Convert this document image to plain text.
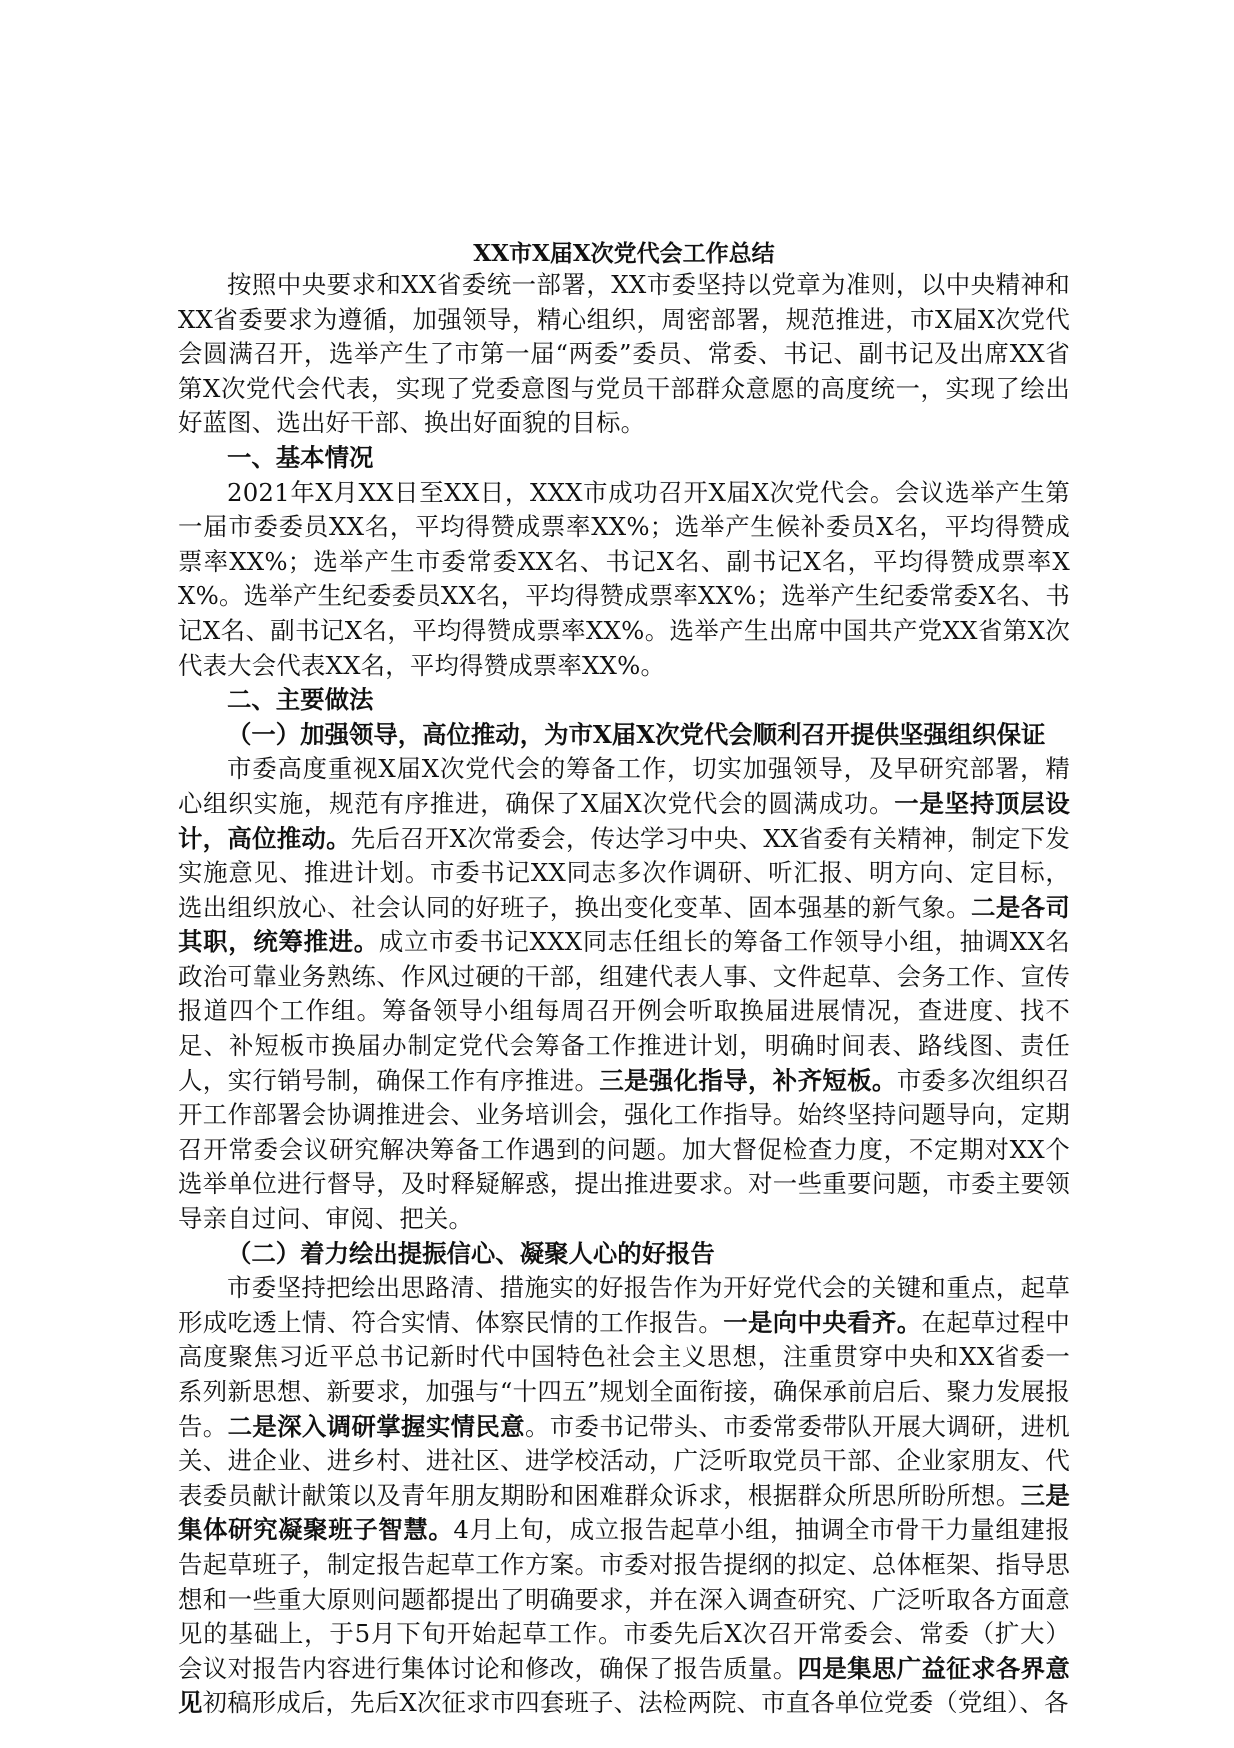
XX市X届X次党代会工作总结

按照中央要求和XX省委统一部署，XX市委坚持以党章为准则，以中央精神和XX省委要求为遵循，加强领导，精心组织，周密部署，规范推进，市X届X次党代会圆满召开，选举产生了市第一届“两委”委员、常委、书记、副书记及出席XX省第X次党代会代表，实现了党委意图与党员干部群众意愿的高度统一，实现了绘出好蓝图、选出好干部、换出好面貌的目标。

一、基本情况

2021年X月XX日至XX日，XXX市成功召开X届X次党代会。会议选举产生第一届市委委员XX名，平均得赞成票率XX%；选举产生候补委员X名，平均得赞成票率XX%；选举产生市委常委XX名、书记X名、副书记X名，平均得赞成票率XX%。选举产生纪委委员XX名，平均得赞成票率XX%；选举产生纪委常委X名、书记X名、副书记X名，平均得赞成票率XX%。选举产生出席中国共产党XX省第X次代表大会代表XX名，平均得赞成票率XX%。

二、主要做法

（一）加强领导，高位推动，为市X届X次党代会顺利召开提供坚强组织保证

市委高度重视X届X次党代会的筹备工作，切实加强领导，及早研究部署，精心组织实施，规范有序推进，确保了X届X次党代会的圆满成功。一是坚持顶层设计，高位推动。先后召开X次常委会，传达学习中央、XX省委有关精神，制定下发实施意见、推进计划。市委书记XX同志多次作调研、听汇报、明方向、定目标，选出组织放心、社会认同的好班子，换出变化变革、固本强基的新气象。二是各司其职，统筹推进。成立市委书记XXX同志任组长的筹备工作领导小组，抽调XX名政治可靠业务熟练、作风过硬的干部，组建代表人事、文件起草、会务工作、宣传报道四个工作组。筹备领导小组每周召开例会听取换届进展情况，查进度、找不足、补短板市换届办制定党代会筹备工作推进计划，明确时间表、路线图、责任人，实行销号制，确保工作有序推进。三是强化指导，补齐短板。市委多次组织召开工作部署会协调推进会、业务培训会，强化工作指导。始终坚持问题导向，定期召开常委会议研究解决筹备工作遇到的问题。加大督促检查力度，不定期对XX个选举单位进行督导，及时释疑解惑，提出推进要求。对一些重要问题，市委主要领导亲自过问、审阅、把关。

（二）着力绘出提振信心、凝聚人心的好报告

市委坚持把绘出思路清、措施实的好报告作为开好党代会的关键和重点，起草形成吃透上情、符合实情、体察民情的工作报告。一是向中央看齐。在起草过程中高度聚焦习近平总书记新时代中国特色社会主义思想，注重贯穿中央和XX省委一系列新思想、新要求，加强与“十四五”规划全面衔接，确保承前启后、聚力发展报告。二是深入调研掌握实情民意。市委书记带头、市委常委带队开展大调研，进机关、进企业、进乡村、进社区、进学校活动，广泛听取党员干部、企业家朋友、代表委员献计献策以及青年朋友期盼和困难群众诉求，根据群众所思所盼所想。三是集体研究凝聚班子智慧。4月上旬，成立报告起草小组，抽调全市骨干力量组建报告起草班子，制定报告起草工作方案。市委对报告提纲的拟定、总体框架、指导思想和一些重大原则问题都提出了明确要求，并在深入调查研究、广泛听取各方面意见的基础上，于5月下旬开始起草工作。市委先后X次召开常委会、常委（扩大）会议对报告内容进行集体讨论和修改，确保了报告质量。四是集思广益征求各界意见初稿形成后，先后X次征求市四套班子、法检两院、市直各单位党委（党组）、各
